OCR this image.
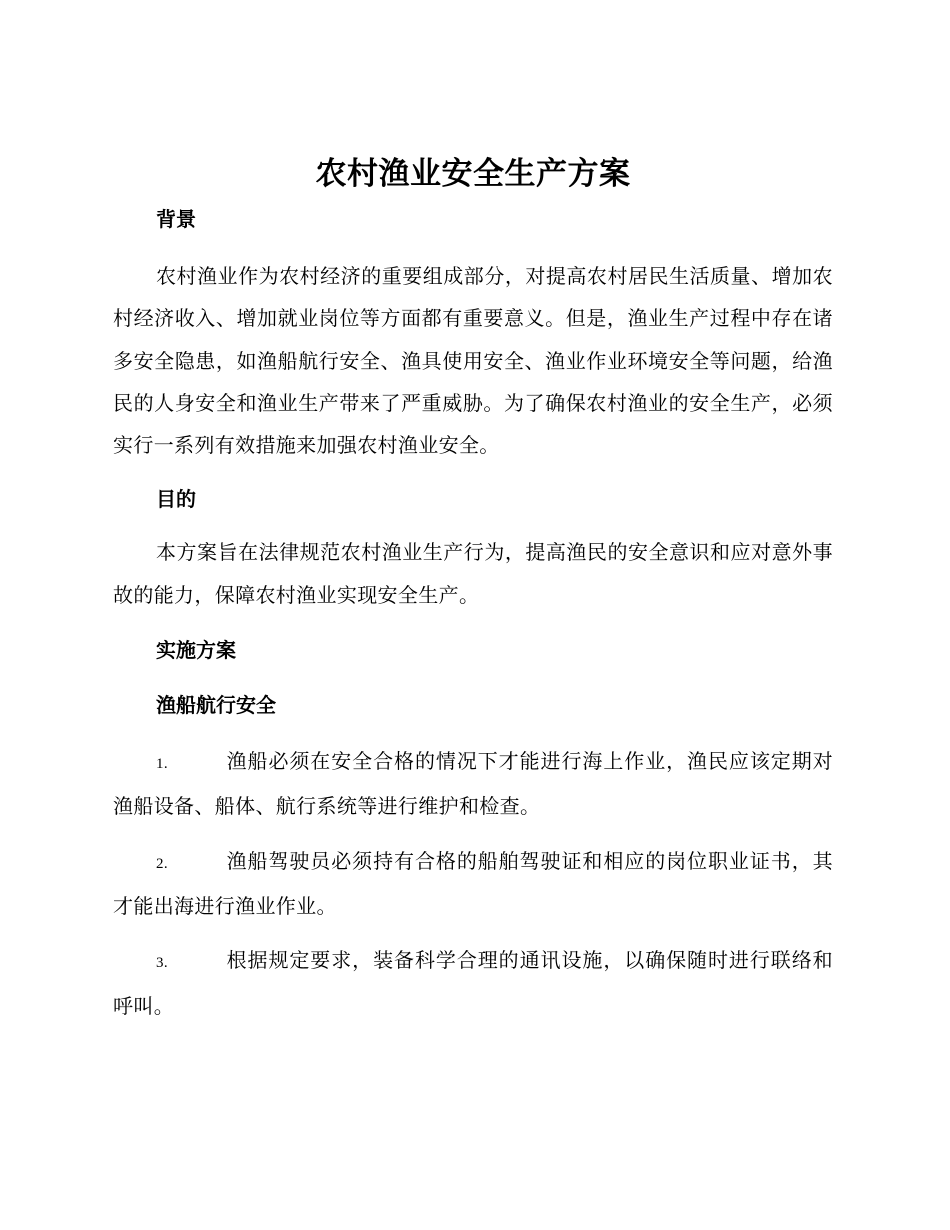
农村渔业安全生产方案
背景

农村渔业作为农村经济的重要组成部分，对提高农村居民生活质量、增加农村经济收入、增加就业岗位等方面都有重要意义。但是，渔业生产过程中存在诸多安全隐患，如渔船航行安全、渔具使用安全、渔业作业环境安全等问题，给渔民的人身安全和渔业生产带来了严重威胁。为了确保农村渔业的安全生产，必须实行一系列有效措施来加强农村渔业安全。

目的

本方案旨在法律规范农村渔业生产行为，提高渔民的安全意识和应对意外事故的能力，保障农村渔业实现安全生产。

实施方案
渔船航行安全

1.	渔船必须在安全合格的情况下才能进行海上作业，渔民应该定期对渔船设备、船体、航行系统等进行维护和检查。

2.	渔船驾驶员必须持有合格的船舶驾驶证和相应的岗位职业证书，其才能出海进行渔业作业。

3.	根据规定要求，装备科学合理的通讯设施，以确保随时进行联络和呼叫。
